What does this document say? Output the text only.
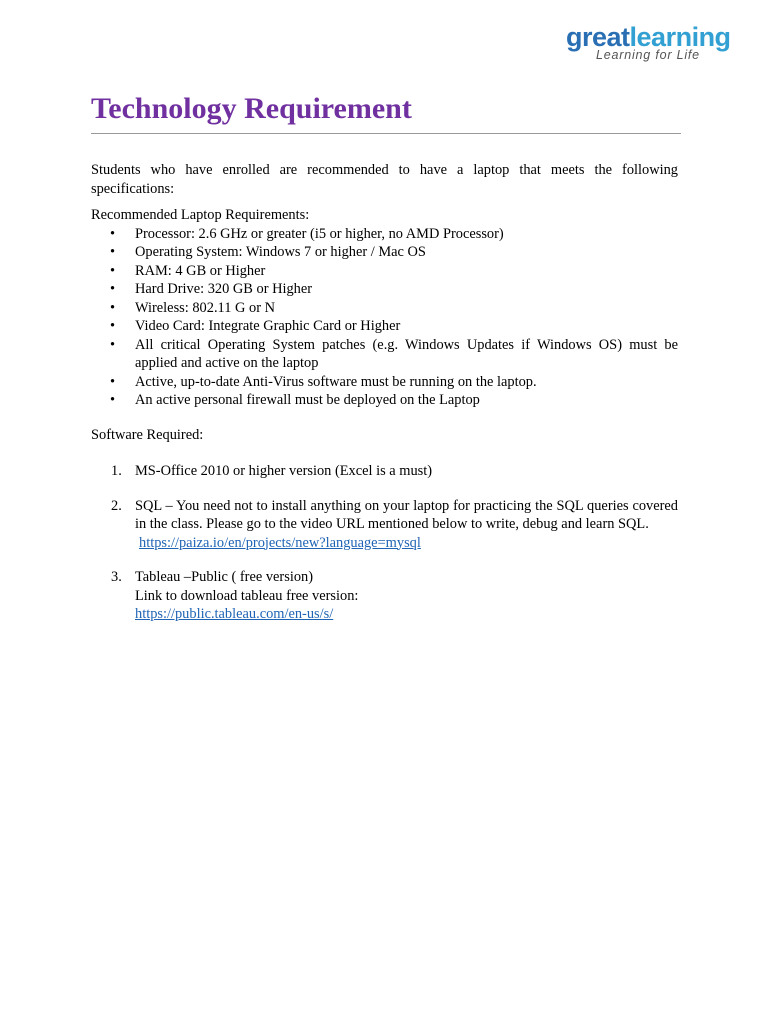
greatlearning
Learning for Life
Technology Requirement

Students who have enrolled are recommended to have a laptop that meets the following specifications:

Recommended Laptop Requirements:

• Processor: 2.6 GHz or greater (i5 or higher, no AMD Processor)
• Operating System: Windows 7 or higher / Mac OS
• RAM: 4 GB or Higher
• Hard Drive: 320 GB or Higher
• Wireless: 802.11 G or N
• Video Card: Integrate Graphic Card or Higher
• All critical Operating System patches (e.g. Windows Updates if Windows OS) must be applied and active on the laptop
• Active, up-to-date Anti-Virus software must be running on the laptop.
• An active personal firewall must be deployed on the Laptop

Software Required:

1. MS-Office 2010 or higher version (Excel is a must)
2. SQL – You need not to install anything on your laptop for practicing the SQL queries covered in the class. Please go to the video URL mentioned below to write, debug and learn SQL.
https://paiza.io/en/projects/new?language=mysql
3. Tableau –Public ( free version)
Link to download tableau free version:
https://public.tableau.com/en-us/s/
